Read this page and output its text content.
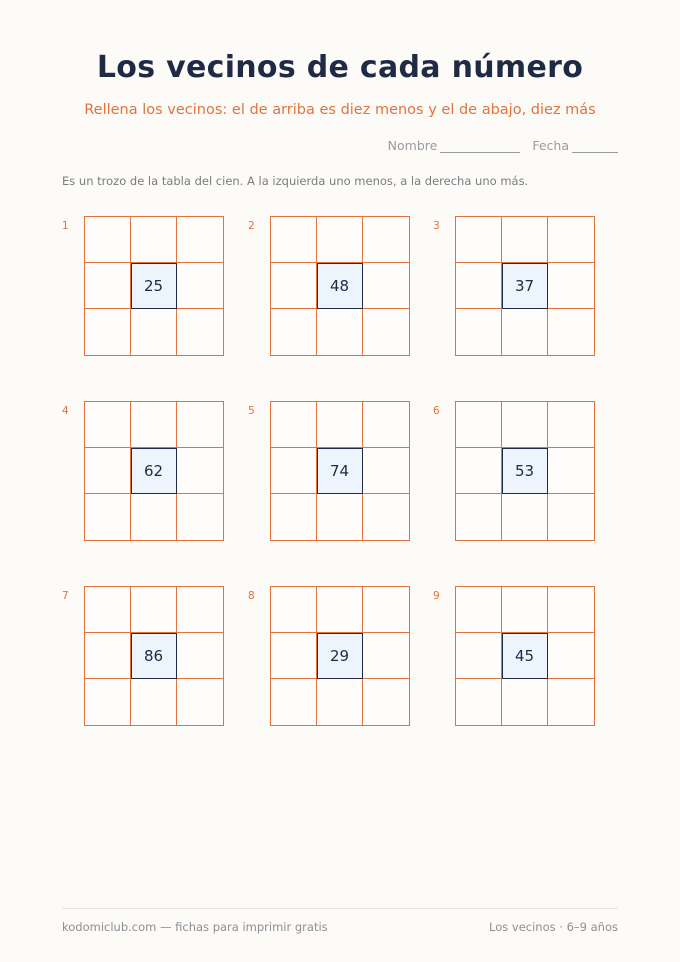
Los vecinos de cada número
Rellena los vecinos: el de arriba es diez menos y el de abajo, diez más
Nombre	Fecha
Es un trozo de la tabla del cien. A la izquierda uno menos, a la derecha uno más.
1
25
2
48
3
37
4
62
5
74
6
53
7
86
8
29
9
45
kodomiclub.com — fichas para imprimir gratis	Los vecinos · 6–9 años
